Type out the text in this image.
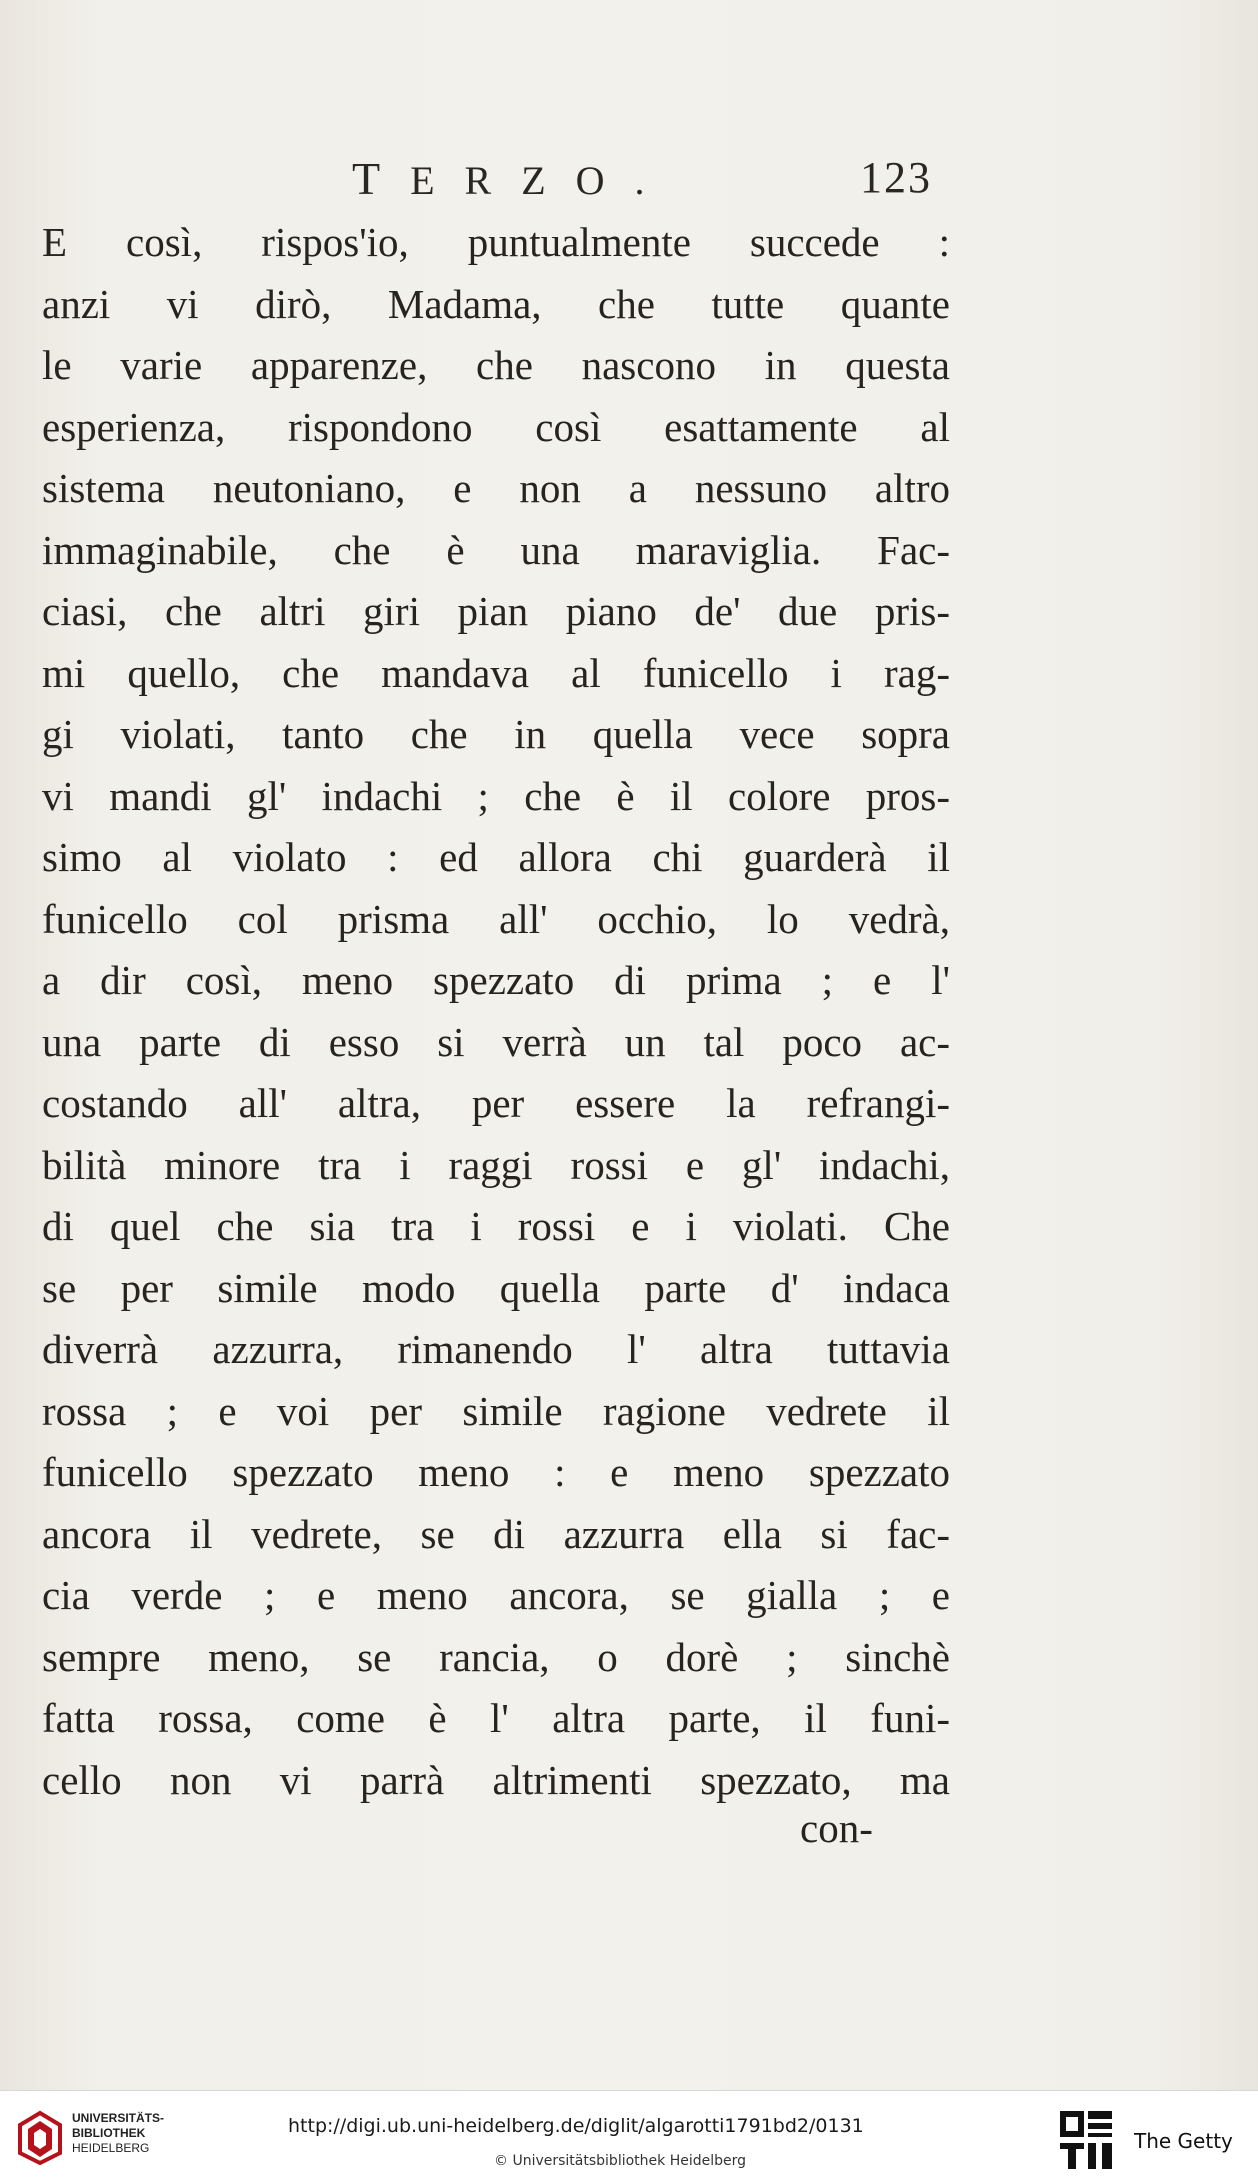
TERZO.	123
E così, rispos'io, puntualmente succede :
anzi vi dirò, Madama, che tutte quante
le varie apparenze, che nascono in questa
esperienza, rispondono così esattamente al
sistema neutoniano, e non a nessuno altro
immaginabile, che è una maraviglia. Fac-
ciasi, che altri giri pian piano de' due pris-
mi quello, che mandava al funicello i rag-
gi violati, tanto che in quella vece sopra
vi mandi gl' indachi ; che è il colore pros-
simo al violato : ed allora chi guarderà il
funicello col prisma all' occhio, lo vedrà,
a dir così, meno spezzato di prima ; e l'
una parte di esso si verrà un tal poco ac-
costando all' altra, per essere la refrangi-
bilità minore tra i raggi rossi e gl' indachi,
di quel che sia tra i rossi e i violati. Che
se per simile modo quella parte d' indaca
diverrà azzurra, rimanendo l' altra tuttavia
rossa ; e voi per simile ragione vedrete il
funicello spezzato meno : e meno spezzato
ancora il vedrete, se di azzurra ella si fac-
cia verde ; e meno ancora, se gialla ; e
sempre meno, se rancia, o dorè ; sinchè
fatta rossa, come è l' altra parte, il funi-
cello non vi parrà altrimenti spezzato, ma
con-
UNIVERSITÄTS-
BIBLIOTHEK
HEIDELBERG
http://digi.ub.uni-heidelberg.de/diglit/algarotti1791bd2/0131
© Universitätsbibliothek Heidelberg
The Getty
